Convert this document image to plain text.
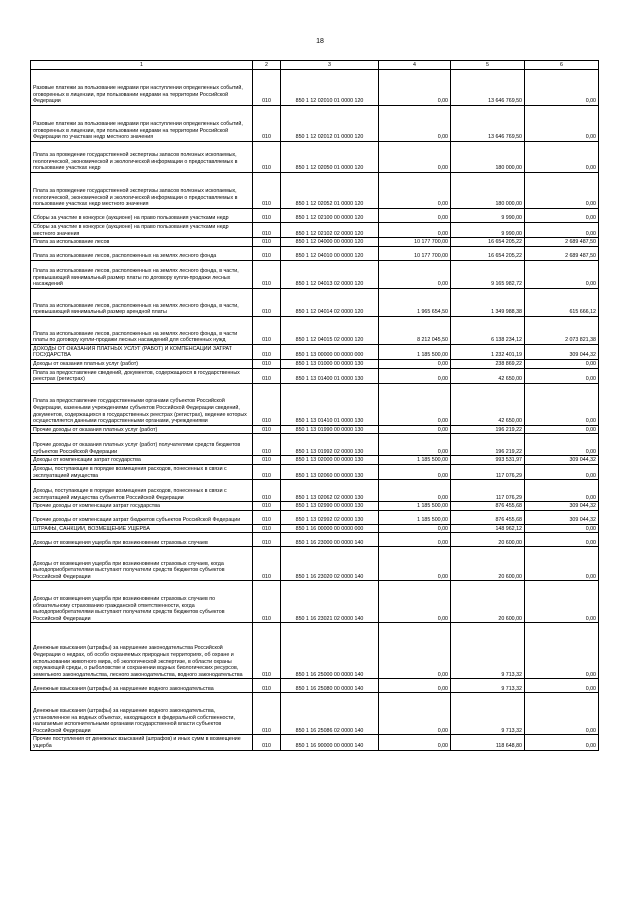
18
1	2	3	4	5	6
Разовые платежи за пользование недрами при наступлении определенных событий, оговоренных в лицензии, при пользовании недрами на территории Российской Федерации	010	850 1 12 02010 01 0000 120	0,00	13 646 769,50	0,00
Разовые платежи за пользование недрами при наступлении определенных событий, оговоренных в лицензии, при пользовании недрами на территории Российской Федерации по участкам недр местного значения	010	850 1 12 02012 01 0000 120	0,00	13 646 769,50	0,00
Плата за проведение государственной экспертизы запасов полезных ископаемых, геологической, экономической и экологической информации о предоставляемых в пользование участках недр	010	850 1 12 02050 01 0000 120	0,00	180 000,00	0,00
Плата за проведение государственной экспертизы запасов полезных ископаемых, геологической, экономической и экологической информации о предоставляемых в пользование участках недр местного значения	010	850 1 12 02052 01 0000 120	0,00	180 000,00	0,00
Сборы за участие в конкурсе (аукционе) на право пользования участками недр	010	850 1 12 02100 00 0000 120	0,00	9 990,00	0,00
Сборы за участие в конкурсе (аукционе) на право пользования участками недр местного значения	010	850 1 12 02102 02 0000 120	0,00	9 990,00	0,00
Плата за использование лесов	010	850 1 12 04000 00 0000 120	10 177 700,00	16 654 205,22	2 689 487,50
Плата за использование лесов, расположенных на землях лесного фонда	010	850 1 12 04010 00 0000 120	10 177 700,00	16 654 205,22	2 689 487,50
Плата за использование лесов, расположенных на землях лесного фонда, в части, превышающей минимальный размер платы по договору купли-продажи лесных насаждений	010	850 1 12 04013 02 0000 120	0,00	9 165 982,72	0,00
Плата за использование лесов, расположенных на землях лесного фонда, в части, превышающей минимальный размер арендной платы	010	850 1 12 04014 02 0000 120	1 965 654,50	1 349 988,38	615 666,12
Плата за использование лесов, расположенных на землях лесного фонда, в части платы по договору купли-продажи лесных насаждений для собственных нужд	010	850 1 12 04015 02 0000 120	8 212 045,50	6 138 234,12	2 073 821,38
ДОХОДЫ ОТ ОКАЗАНИЯ ПЛАТНЫХ УСЛУГ (РАБОТ) И КОМПЕНСАЦИИ ЗАТРАТ ГОСУДАРСТВА	010	850 1 13 00000 00 0000 000	1 185 500,00	1 232 401,19	309 044,32
Доходы от оказания платных услуг (работ)	010	850 1 13 01000 00 0000 130	0,00	238 869,22	0,00
Плата за предоставление сведений, документов, содержащихся в государственных реестрах (регистрах)	010	850 1 13 01400 01 0000 130	0,00	42 650,00	0,00
Плата за предоставление государственными органами субъектов Российской Федерации, казенными учреждениями субъектов Российской Федерации сведений, документов, содержащихся в государственных реестрах (регистрах), ведение которых осуществляется данными государственными органами, учреждениями	010	850 1 13 01410 01 0000 130	0,00	42 650,00	0,00
Прочие доходы от оказания платных услуг (работ)	010	850 1 13 01990 00 0000 130	0,00	196 219,22	0,00
Прочие доходы от оказания платных услуг (работ) получателями средств бюджетов субъектов Российской Федерации	010	850 1 13 01992 02 0000 130	0,00	196 219,22	0,00
Доходы от компенсации затрат государства	010	850 1 13 02000 00 0000 130	1 185 500,00	993 531,97	309 044,32
Доходы, поступающие в порядке возмещения расходов, понесенных в связи с эксплуатацией имущества	010	850 1 13 02060 00 0000 130	0,00	117 076,29	0,00
Доходы, поступающие в порядке возмещения расходов, понесенных в связи с эксплуатацией имущества субъектов Российской Федерации	010	850 1 13 02062 02 0000 130	0,00	117 076,29	0,00
Прочие доходы от компенсации затрат государства	010	850 1 13 02990 00 0000 130	1 185 500,00	876 455,68	309 044,32
Прочие доходы от компенсации затрат бюджетов субъектов Российской Федерации	010	850 1 13 02992 02 0000 130	1 185 500,00	876 455,68	309 044,32
ШТРАФЫ, САНКЦИИ, ВОЗМЕЩЕНИЕ УЩЕРБА	010	850 1 16 00000 00 0000 000	0,00	148 962,12	0,00
Доходы от возмещения ущерба при возникновении страховых случаев	010	850 1 16 23000 00 0000 140	0,00	20 600,00	0,00
Доходы от возмещения ущерба при возникновении страховых случаев, когда выгодоприобретателями выступают получатели средств бюджетов субъектов Российской Федерации	010	850 1 16 23020 02 0000 140	0,00	20 600,00	0,00
Доходы от возмещения ущерба при возникновении страховых случаев по обязательному страхованию гражданской ответственности, когда выгодоприобретателями выступают получатели средств бюджетов субъектов Российской Федерации	010	850 1 16 23021 02 0000 140	0,00	20 600,00	0,00
Денежные взыскания (штрафы) за нарушение законодательства Российской Федерации о недрах, об особо охраняемых природных территориях, об охране и использовании животного мира, об экологической экспертизе, в области охраны окружающей среды, о рыболовстве и сохранении водных биологических ресурсов, земельного законодательства, лесного законодательства, водного законодательства	010	850 1 16 25000 00 0000 140	0,00	9 713,32	0,00
Денежные взыскания (штрафы) за нарушение водного законодательства	010	850 1 16 25080 00 0000 140	0,00	9 713,32	0,00
Денежные взыскания (штрафы) за нарушение водного законодательства, установленное на водных объектах, находящихся в федеральной собственности, налагаемые исполнительными органами государственной власти субъектов Российской Федерации	010	850 1 16 25086 02 0000 140	0,00	9 713,32	0,00
Прочие поступления от денежных взысканий (штрафов) и иных сумм в возмещение ущерба	010	850 1 16 90000 00 0000 140	0,00	118 648,80	0,00
